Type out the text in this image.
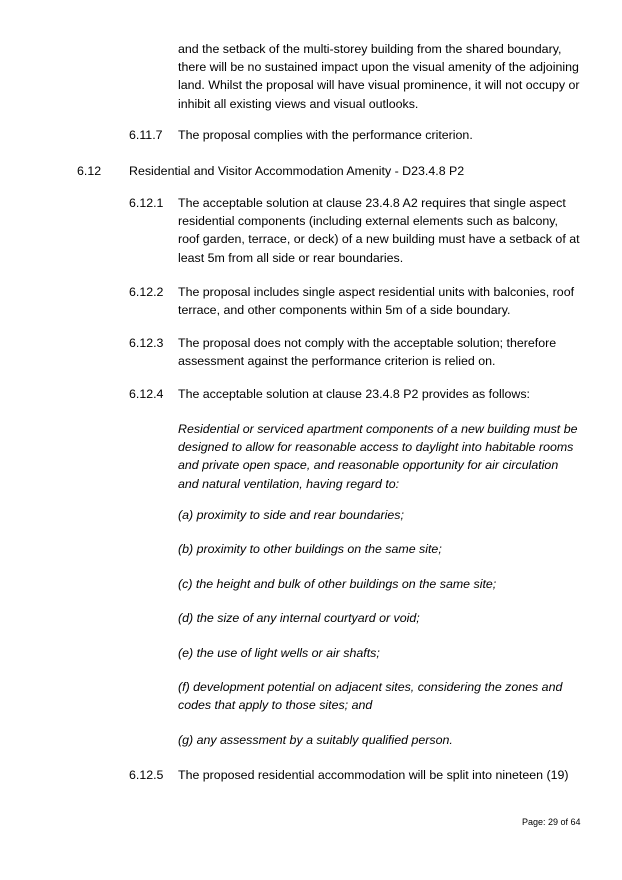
and the setback of the multi-storey building from the shared boundary, there will be no sustained impact upon the visual amenity of the adjoining land. Whilst the proposal will have visual prominence, it will not occupy or inhibit all existing views and visual outlooks.

6.11.7 The proposal complies with the performance criterion.

6.12 Residential and Visitor Accommodation Amenity - D23.4.8 P2

6.12.1 The acceptable solution at clause 23.4.8 A2 requires that single aspect residential components (including external elements such as balcony, roof garden, terrace, or deck) of a new building must have a setback of at least 5m from all side or rear boundaries.

6.12.2 The proposal includes single aspect residential units with balconies, roof terrace, and other components within 5m of a side boundary.

6.12.3 The proposal does not comply with the acceptable solution; therefore assessment against the performance criterion is relied on.

6.12.4 The acceptable solution at clause 23.4.8 P2 provides as follows:

Residential or serviced apartment components of a new building must be designed to allow for reasonable access to daylight into habitable rooms and private open space, and reasonable opportunity for air circulation and natural ventilation, having regard to:

(a) proximity to side and rear boundaries;

(b) proximity to other buildings on the same site;

(c) the height and bulk of other buildings on the same site;

(d) the size of any internal courtyard or void;

(e) the use of light wells or air shafts;

(f) development potential on adjacent sites, considering the zones and codes that apply to those sites; and

(g) any assessment by a suitably qualified person.

6.12.5 The proposed residential accommodation will be split into nineteen (19)

Page: 29 of 64
